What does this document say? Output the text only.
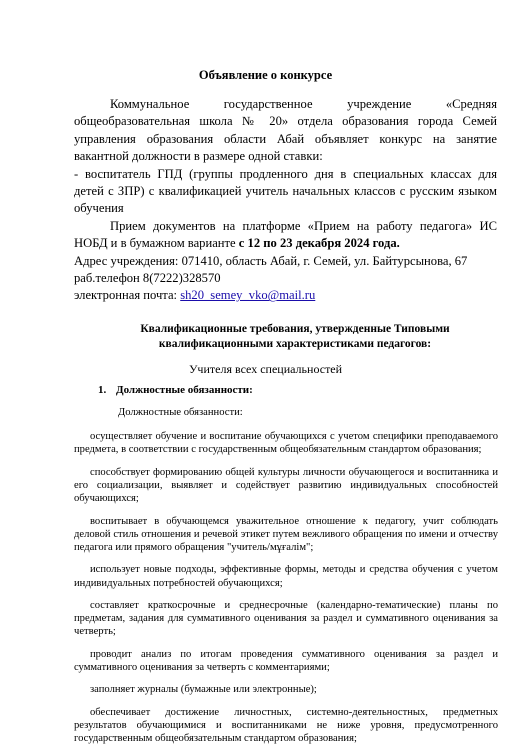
Объявление о конкурсе

Коммунальное государственное учреждение «Средняя общеобразовательная школа № 20» отдела образования города Семей управления образования области Абай объявляет конкурс на занятие вакантной должности в размере одной ставки:

- воспитатель ГПД (группы продленного дня в специальных классах для детей с ЗПР) с квалификацией учитель начальных классов с русским языком обучения

Прием документов на платформе «Прием на работу педагога» ИС НОБД и в бумажном варианте с 12 по 23 декабря 2024 года.

Адрес учреждения: 071410, область Абай, г. Семей, ул. Байтурсынова, 67

раб.телефон 8(7222)328570

электронная почта: sh20_semey_vko@mail.ru

Квалификационные требования, утвержденные Типовыми квалификационными характеристиками педагогов:
Учителя всех специальностей
1. Должностные обязанности:

Должностные обязанности:

осуществляет обучение и воспитание обучающихся с учетом специфики преподаваемого предмета, в соответствии с государственным общеобязательным стандартом образования;

способствует формированию общей культуры личности обучающегося и воспитанника и его социализации, выявляет и содействует развитию индивидуальных способностей обучающихся;

воспитывает в обучающемся уважительное отношение к педагогу, учит соблюдать деловой стиль отношения и речевой этикет путем вежливого обращения по имени и отчеству педагога или прямого обращения "учитель/мұғалім";

использует новые подходы, эффективные формы, методы и средства обучения с учетом индивидуальных потребностей обучающихся;

составляет краткосрочные и среднесрочные (календарно-тематические) планы по предметам, задания для суммативного оценивания за раздел и суммативного оценивания за четверть;

проводит анализ по итогам проведения суммативного оценивания за раздел и суммативного оценивания за четверть с комментариями;

заполняет журналы (бумажные или электронные);

обеспечивает достижение личностных, системно-деятельностных, предметных результатов обучающимися и воспитанниками не ниже уровня, предусмотренного государственным общеобязательным стандартом образования;
